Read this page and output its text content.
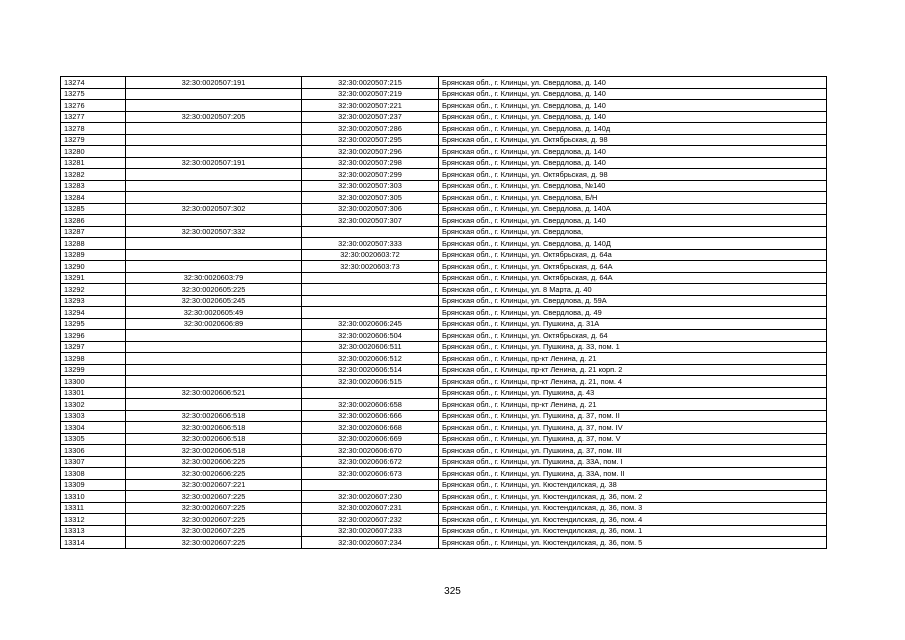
13274	32:30:0020507:191	32:30:0020507:215	Брянская обл., г. Клинцы, ул. Свердлова, д. 140
13275		32:30:0020507:219	Брянская обл., г. Клинцы, ул. Свердлова, д. 140
13276		32:30:0020507:221	Брянская обл., г. Клинцы, ул. Свердлова, д. 140
13277	32:30:0020507:205	32:30:0020507:237	Брянская обл., г. Клинцы, ул. Свердлова, д. 140
13278		32:30:0020507:286	Брянская обл., г. Клинцы, ул. Свердлова, д. 140д
13279		32:30:0020507:295	Брянская обл., г. Клинцы, ул. Октябрьская, д. 98
13280		32:30:0020507:296	Брянская обл., г. Клинцы, ул. Свердлова, д. 140
13281	32:30:0020507:191	32:30:0020507:298	Брянская обл., г. Клинцы, ул. Свердлова, д. 140
13282		32:30:0020507:299	Брянская обл., г. Клинцы, ул. Октябрьская, д. 98
13283		32:30:0020507:303	Брянская обл., г. Клинцы, ул. Свердлова, №140
13284		32:30:0020507:305	Брянская обл., г. Клинцы, ул. Свердлова, Б/Н
13285	32:30:0020507:302	32:30:0020507:306	Брянская обл., г. Клинцы, ул. Свердлова, д. 140А
13286		32:30:0020507:307	Брянская обл., г. Клинцы, ул. Свердлова, д. 140
13287	32:30:0020507:332		Брянская обл., г. Клинцы, ул. Свердлова,
13288		32:30:0020507:333	Брянская обл., г. Клинцы, ул. Свердлова, д. 140Д
13289		32:30:0020603:72	Брянская обл., г. Клинцы, ул. Октябрьская, д. 64а
13290		32:30:0020603:73	Брянская обл., г. Клинцы, ул. Октябрьская, д. 64А
13291	32:30:0020603:79		Брянская обл., г. Клинцы, ул. Октябрьская, д. 64А
13292	32:30:0020605:225		Брянская обл., г. Клинцы, ул. 8 Марта, д. 40
13293	32:30:0020605:245		Брянская обл., г. Клинцы, ул. Свердлова, д. 59А
13294	32:30:0020605:49		Брянская обл., г. Клинцы, ул. Свердлова, д. 49
13295	32:30:0020606:89	32:30:0020606:245	Брянская обл., г. Клинцы, ул. Пушкина, д. 31А
13296		32:30:0020606:504	Брянская обл., г. Клинцы, ул. Октябрьская, д. 64
13297		32:30:0020606:511	Брянская обл., г. Клинцы, ул. Пушкина, д. 33, пом. 1
13298		32:30:0020606:512	Брянская обл., г. Клинцы, пр-кт Ленина, д. 21
13299		32:30:0020606:514	Брянская обл., г. Клинцы, пр-кт Ленина, д. 21 корп. 2
13300		32:30:0020606:515	Брянская обл., г. Клинцы, пр-кт Ленина, д. 21, пом. 4
13301	32:30:0020606:521		Брянская обл., г. Клинцы, ул. Пушкина, д. 43
13302		32:30:0020606:658	Брянская обл., г. Клинцы, пр-кт Ленина, д. 21
13303	32:30:0020606:518	32:30:0020606:666	Брянская обл., г. Клинцы, ул. Пушкина, д. 37, пом. II
13304	32:30:0020606:518	32:30:0020606:668	Брянская обл., г. Клинцы, ул. Пушкина, д. 37, пом. IV
13305	32:30:0020606:518	32:30:0020606:669	Брянская обл., г. Клинцы, ул. Пушкина, д. 37, пом. V
13306	32:30:0020606:518	32:30:0020606:670	Брянская обл., г. Клинцы, ул. Пушкина, д. 37, пом. III
13307	32:30:0020606:225	32:30:0020606:672	Брянская обл., г. Клинцы, ул. Пушкина, д. 33А, пом. I
13308	32:30:0020606:225	32:30:0020606:673	Брянская обл., г. Клинцы, ул. Пушкина, д. 33А, пом. II
13309	32:30:0020607:221		Брянская обл., г. Клинцы, ул. Кюстендилская, д. 38
13310	32:30:0020607:225	32:30:0020607:230	Брянская обл., г. Клинцы, ул. Кюстендилская, д. 36, пом. 2
13311	32:30:0020607:225	32:30:0020607:231	Брянская обл., г. Клинцы, ул. Кюстендилская, д. 36, пом. 3
13312	32:30:0020607:225	32:30:0020607:232	Брянская обл., г. Клинцы, ул. Кюстендилская, д. 36, пом. 4
13313	32:30:0020607:225	32:30:0020607:233	Брянская обл., г. Клинцы, ул. Кюстендилская, д. 36, пом. 1
13314	32:30:0020607:225	32:30:0020607:234	Брянская обл., г. Клинцы, ул. Кюстендилская, д. 36, пом. 5
325
